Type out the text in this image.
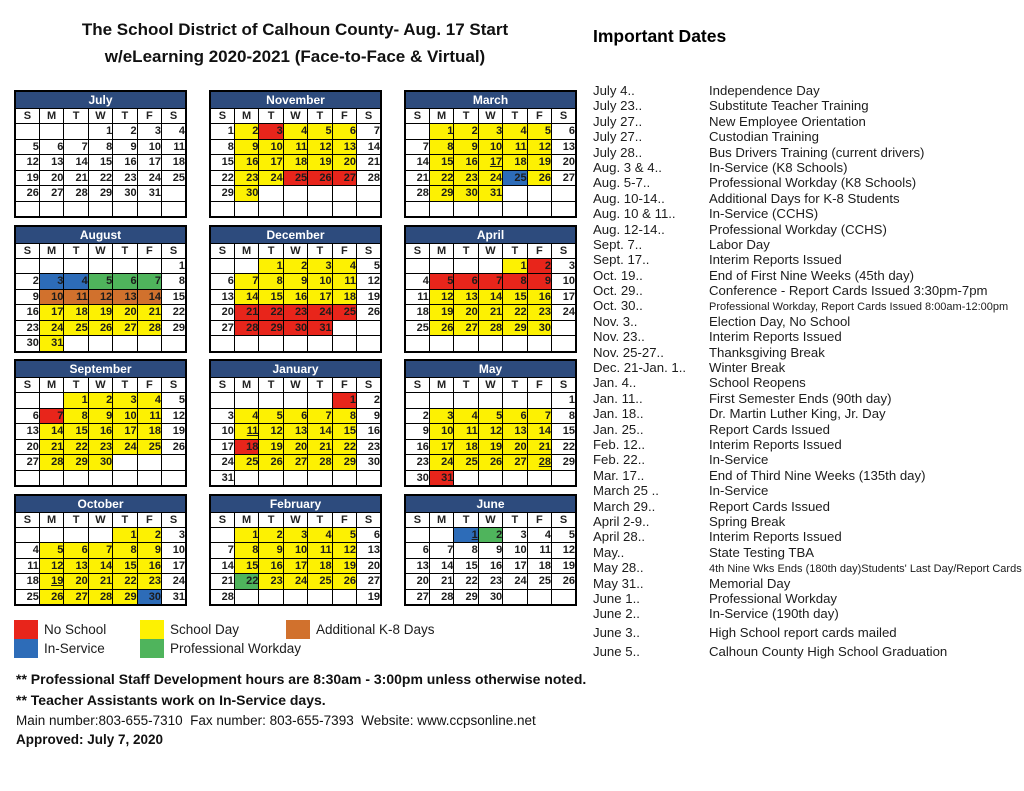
The School District of Calhoun County- Aug. 17 Start
w/eLearning 2020-2021 (Face-to-Face & Virtual)
July						
S	M	T	W	T	F	S
			1	2	3	4
5	6	7	8	9	10	11
12	13	14	15	16	17	18
19	20	21	22	23	24	25
26	27	28	29	30	31	

November						
S	M	T	W	T	F	S
1	2	3	4	5	6	7
8	9	10	11	12	13	14
15	16	17	18	19	20	21
22	23	24	25	26	27	28
29	30					

March						
S	M	T	W	T	F	S
	1	2	3	4	5	6
7	8	9	10	11	12	13
14	15	16	17	18	19	20
21	22	23	24	25	26	27
28	29	30	31			

August						
S	M	T	W	T	F	S
						1
2	3	4	5	6	7	8
9	10	11	12	13	14	15
16	17	18	19	20	21	22
23	24	25	26	27	28	29
30	31					
December						
S	M	T	W	T	F	S
		1	2	3	4	5
6	7	8	9	10	11	12
13	14	15	16	17	18	19
20	21	22	23	24	25	26
27	28	29	30	31		

April						
S	M	T	W	T	F	S
				1	2	3
4	5	6	7	8	9	10
11	12	13	14	15	16	17
18	19	20	21	22	23	24
25	26	27	28	29	30	

September						
S	M	T	W	T	F	S
		1	2	3	4	5
6	7	8	9	10	11	12
13	14	15	16	17	18	19
20	21	22	23	24	25	26
27	28	29	30			

January						
S	M	T	W	T	F	S
					1	2
3	4	5	6	7	8	9
10	11	12	13	14	15	16
17	18	19	20	21	22	23
24	25	26	27	28	29	30
31						
May						
S	M	T	W	T	F	S
						1
2	3	4	5	6	7	8
9	10	11	12	13	14	15
16	17	18	19	20	21	22
23	24	25	26	27	28	29
30	31					
October						
S	M	T	W	T	F	S
				1	2	3
4	5	6	7	8	9	10
11	12	13	14	15	16	17
18	19	20	21	22	23	24
25	26	27	28	29	30	31
February						
S	M	T	W	T	F	S
	1	2	3	4	5	6
7	8	9	10	11	12	13
14	15	16	17	18	19	20
21	22	23	24	25	26	27
28						19
June						
S	M	T	W	T	F	S
		1	2	3	4	5
6	7	8	9	10	11	12
13	14	15	16	17	18	19
20	21	22	23	24	25	26
27	28	29	30			
Important Dates
July 4..	Independence Day
July 23..	Substitute Teacher Training
July 27..	New Employee Orientation
July 27..	Custodian Training
July 28..	Bus Drivers Training (current drivers)
Aug. 3 & 4..	In-Service (K8 Schools)
Aug. 5-7..	Professional Workday (K8 Schools)
Aug. 10-14..	Additional Days for K-8 Students
Aug. 10 & 11..	In-Service (CCHS)
Aug. 12-14..	Professional Workday (CCHS)
Sept. 7..	Labor Day
Sept. 17..	Interim Reports Issued
Oct. 19..	End of First Nine Weeks (45th day)
Oct. 29..	Conference - Report Cards Issued 3:30pm-7pm
Oct. 30..	Professional Workday, Report Cards Issued 8:00am-12:00pm
Nov. 3..	Election Day, No School
Nov. 23..	Interim Reports Issued
Nov. 25-27..	Thanksgiving Break
Dec. 21-Jan. 1.. Winter Break
Jan. 4..	School Reopens
Jan. 11..	First Semester Ends (90th day)
Jan. 18..	Dr. Martin Luther King, Jr. Day
Jan. 25..	Report Cards Issued
Feb. 12..	Interim Reports Issued
Feb. 22..	In-Service
Mar. 17..	End of Third Nine Weeks (135th day)
March 25 ..	In-Service
March 29..	Report Cards Issued
April 2-9..	Spring Break
April 28..	Interim Reports Issued
May..	State Testing TBA
May 28..	4th Nine Wks Ends (180th day)Students' Last Day/Report Cards
May 31..	Memorial Day
June 1..	Professional Workday
June 2..	In-Service (190th day)
June 3..	High School report cards mailed
June 5..	Calhoun County High School Graduation
No School	School Day	Additional K-8 Days
In-Service	Professional Workday
** Professional Staff Development hours are 8:30am - 3:00pm unless otherwise noted.
** Teacher Assistants work on In-Service days.
Main number:803-655-7310  Fax number: 803-655-7393  Website: www.ccpsonline.net
Approved: July 7, 2020
